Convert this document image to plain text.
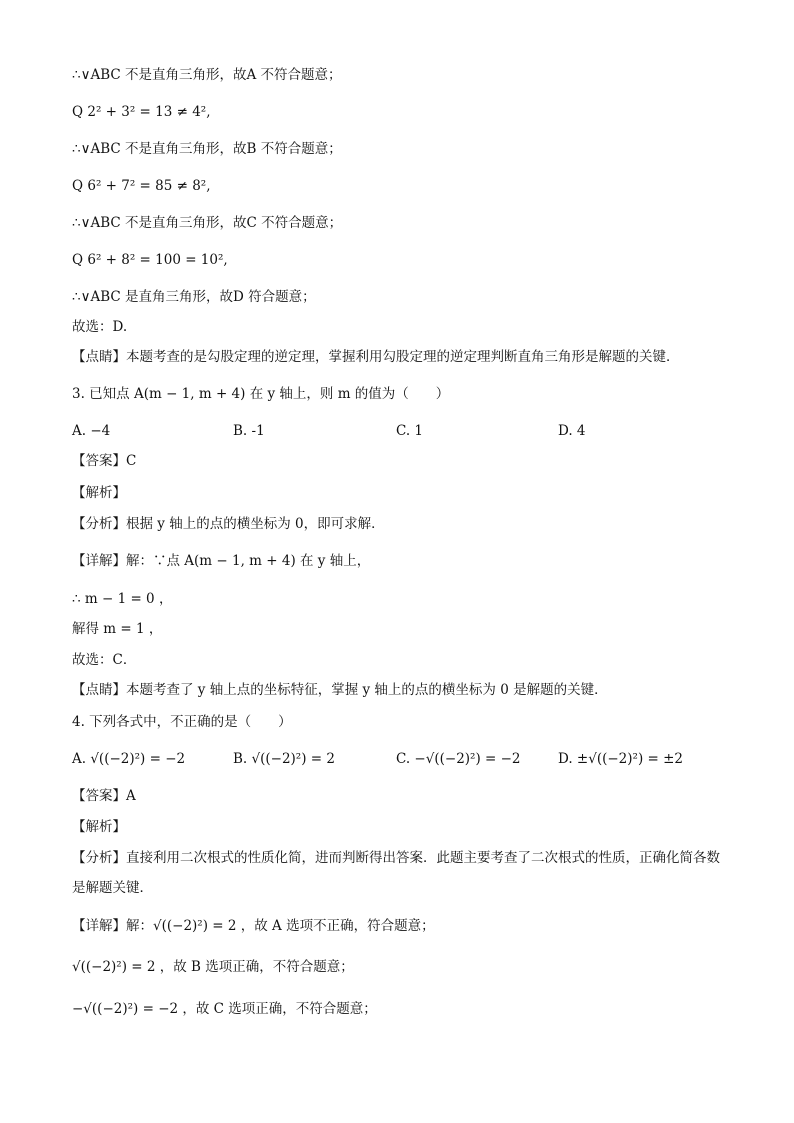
∴∨ABC 不是直角三角形，故A 不符合题意；
Q 2² + 3² = 13 ≠ 4²,
∴∨ABC 不是直角三角形，故B 不符合题意；
Q 6² + 7² = 85 ≠ 8²,
∴∨ABC 不是直角三角形，故C 不符合题意；
Q 6² + 8² = 100 = 10²,
∴∨ABC 是直角三角形，故D 符合题意；
故选：D.
【点睛】本题考查的是勾股定理的逆定理，掌握利用勾股定理的逆定理判断直角三角形是解题的关键．
3. 已知点 A(m − 1, m + 4) 在 y 轴上，则 m 的值为（　　）
A. −4	B. -1	C. 1	D. 4
【答案】C
【解析】
【分析】根据 y 轴上的点的横坐标为 0，即可求解．
【详解】解：∵点 A(m − 1, m + 4) 在 y 轴上，
∴ m − 1 = 0 ，
解得 m = 1 ，
故选：C．
【点睛】本题考查了 y 轴上点的坐标特征，掌握 y 轴上的点的横坐标为 0 是解题的关键．
4. 下列各式中，不正确的是（　　）
A. √((−2)²) = −2	B. √((−2)²) = 2	C. −√((−2)²) = −2	D. ±√((−2)²) = ±2
【答案】A
【解析】
【分析】直接利用二次根式的性质化简，进而判断得出答案．此题主要考查了二次根式的性质，正确化简各数是解题关键．
【详解】解：√((−2)²) = 2 ，故 A 选项不正确，符合题意；
√((−2)²) = 2 ，故 B 选项正确，不符合题意；
−√((−2)²) = −2 ，故 C 选项正确，不符合题意；
